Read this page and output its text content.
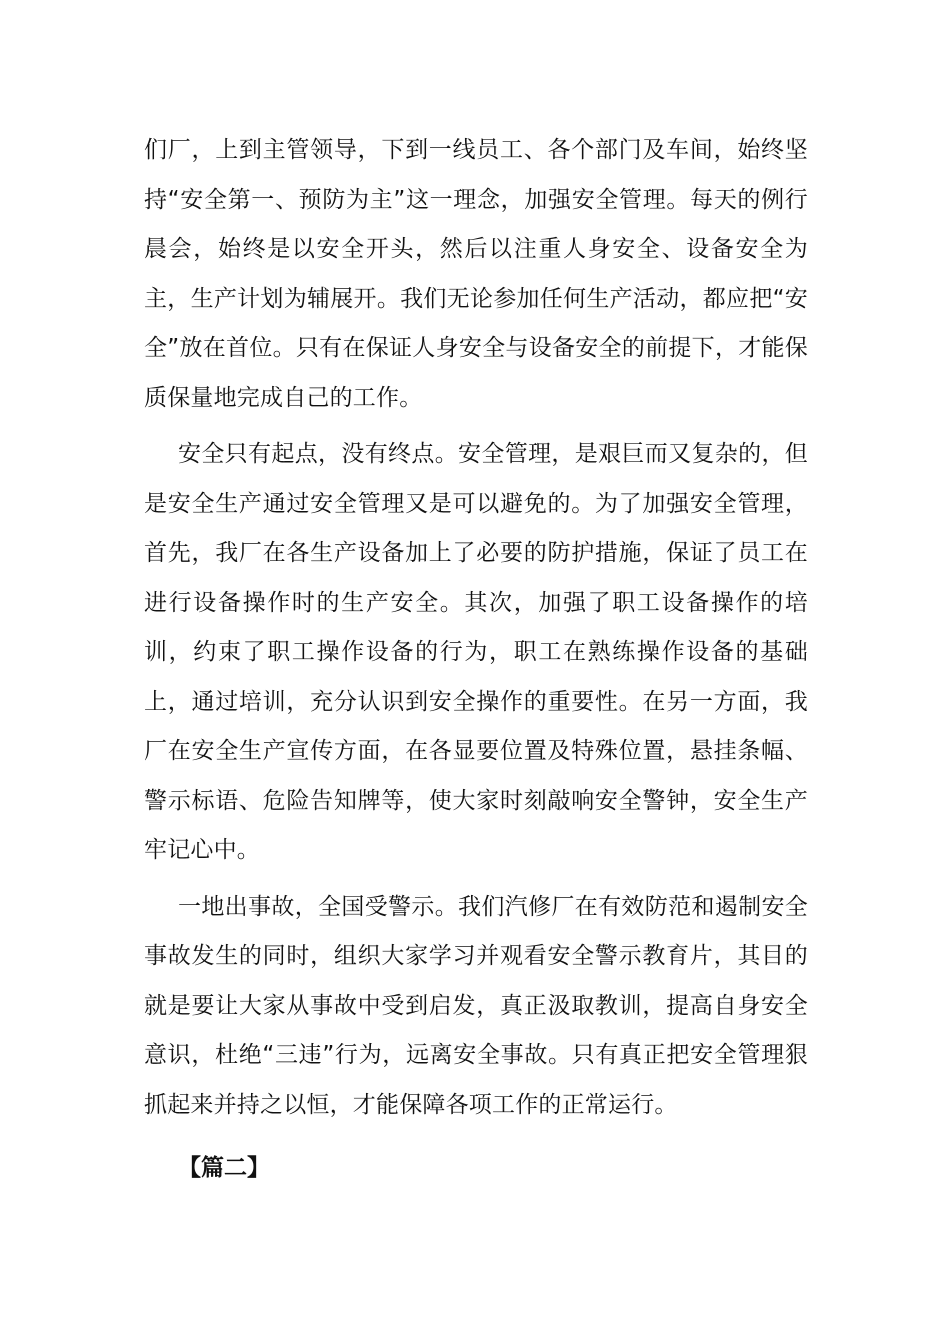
们厂，上到主管领导，下到一线员工、各个部门及车间，始终坚持“安全第一、预防为主”这一理念，加强安全管理。每天的例行晨会，始终是以安全开头，然后以注重人身安全、设备安全为主，生产计划为辅展开。我们无论参加任何生产活动，都应把“安全”放在首位。只有在保证人身安全与设备安全的前提下，才能保质保量地完成自己的工作。

安全只有起点，没有终点。安全管理，是艰巨而又复杂的，但是安全生产通过安全管理又是可以避免的。为了加强安全管理，首先，我厂在各生产设备加上了必要的防护措施，保证了员工在进行设备操作时的生产安全。其次，加强了职工设备操作的培训，约束了职工操作设备的行为，职工在熟练操作设备的基础上，通过培训，充分认识到安全操作的重要性。在另一方面，我厂在安全生产宣传方面，在各显要位置及特殊位置，悬挂条幅、警示标语、危险告知牌等，使大家时刻敲响安全警钟，安全生产牢记心中。

一地出事故，全国受警示。我们汽修厂在有效防范和遏制安全事故发生的同时，组织大家学习并观看安全警示教育片，其目的就是要让大家从事故中受到启发，真正汲取教训，提高自身安全意识，杜绝“三违”行为，远离安全事故。只有真正把安全管理狠抓起来并持之以恒，才能保障各项工作的正常运行。

【篇二】
